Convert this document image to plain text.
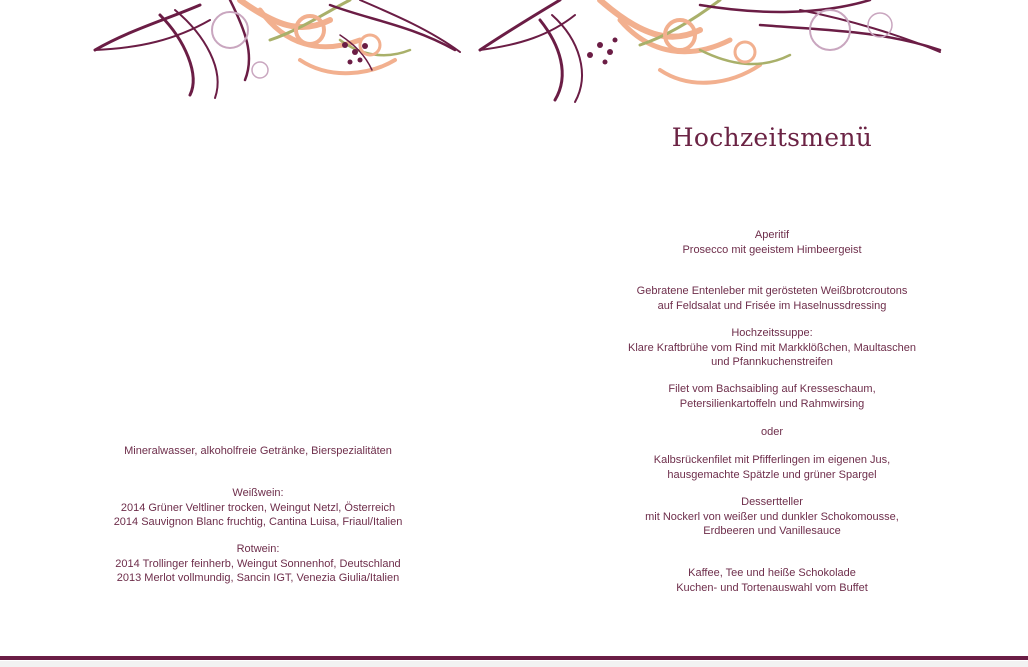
Hochzeitsmenü
Aperitif
Prosecco mit geeistem Himbeergeist
Gebratene Entenleber mit gerösteten Weißbrotcroutons
auf Feldsalat und Frisée im Haselnussdressing
Hochzeitssuppe:
Klare Kraftbrühe vom Rind mit Markklößchen, Maultaschen
und Pfannkuchenstreifen
Filet vom Bachsaibling auf Kresseschaum,
Petersilienkartoffeln und Rahmwirsing
oder
Kalbsrückenfilet mit Pfifferlingen im eigenen Jus,
hausgemachte Spätzle und grüner Spargel
Dessertteller
mit Nockerl von weißer und dunkler Schokomousse,
Erdbeeren und Vanillesauce
Kaffee, Tee und heiße Schokolade
Kuchen- und Tortenauswahl vom Buffet
Mineralwasser, alkoholfreie Getränke, Bierspezialitäten
Weißwein:
2014 Grüner Veltliner trocken, Weingut Netzl, Österreich
2014 Sauvignon Blanc fruchtig, Cantina Luisa, Friaul/Italien
Rotwein:
2014 Trollinger feinherb, Weingut Sonnenhof, Deutschland
2013 Merlot vollmundig, Sancin IGT, Venezia Giulia/Italien
